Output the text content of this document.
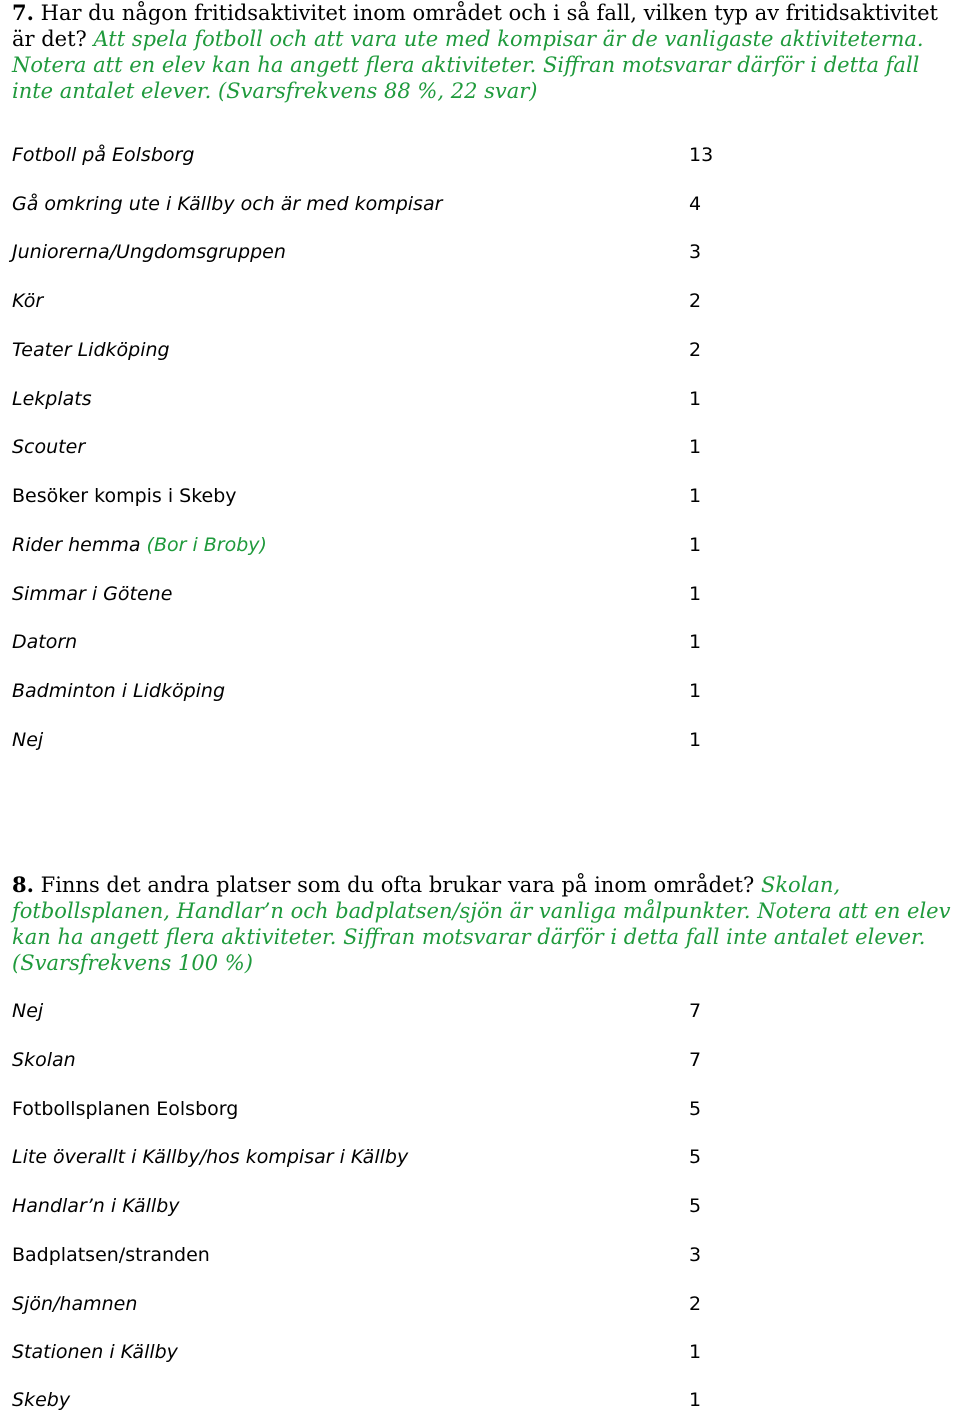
7. Har du någon fritidsaktivitet inom området och i så fall, vilken typ av fritidsaktivitet är det? Att spela fotboll och att vara ute med kompisar är de vanligaste aktiviteterna. Notera att en elev kan ha angett flera aktiviteter. Siffran motsvarar därför i detta fall inte antalet elever. (Svarsfrekvens 88 %, 22 svar)

Fotboll på Eolsborg	13
Gå omkring ute i Källby och är med kompisar	4
Juniorerna/Ungdomsgruppen	3
Kör	2
Teater Lidköping	2
Lekplats	1
Scouter	1
Besöker kompis i Skeby	1
Rider hemma (Bor i Broby)	1
Simmar i Götene	1
Datorn	1
Badminton i Lidköping	1
Nej	1

8. Finns det andra platser som du ofta brukar vara på inom området? Skolan, fotbollsplanen, Handlar’n och badplatsen/sjön är vanliga målpunkter. Notera att en elev kan ha angett flera aktiviteter. Siffran motsvarar därför i detta fall inte antalet elever. (Svarsfrekvens 100 %)

Nej	7
Skolan	7
Fotbollsplanen Eolsborg	5
Lite överallt i Källby/hos kompisar i Källby	5
Handlar’n i Källby	5
Badplatsen/stranden	3
Sjön/hamnen	2
Stationen i Källby	1
Skeby	1
